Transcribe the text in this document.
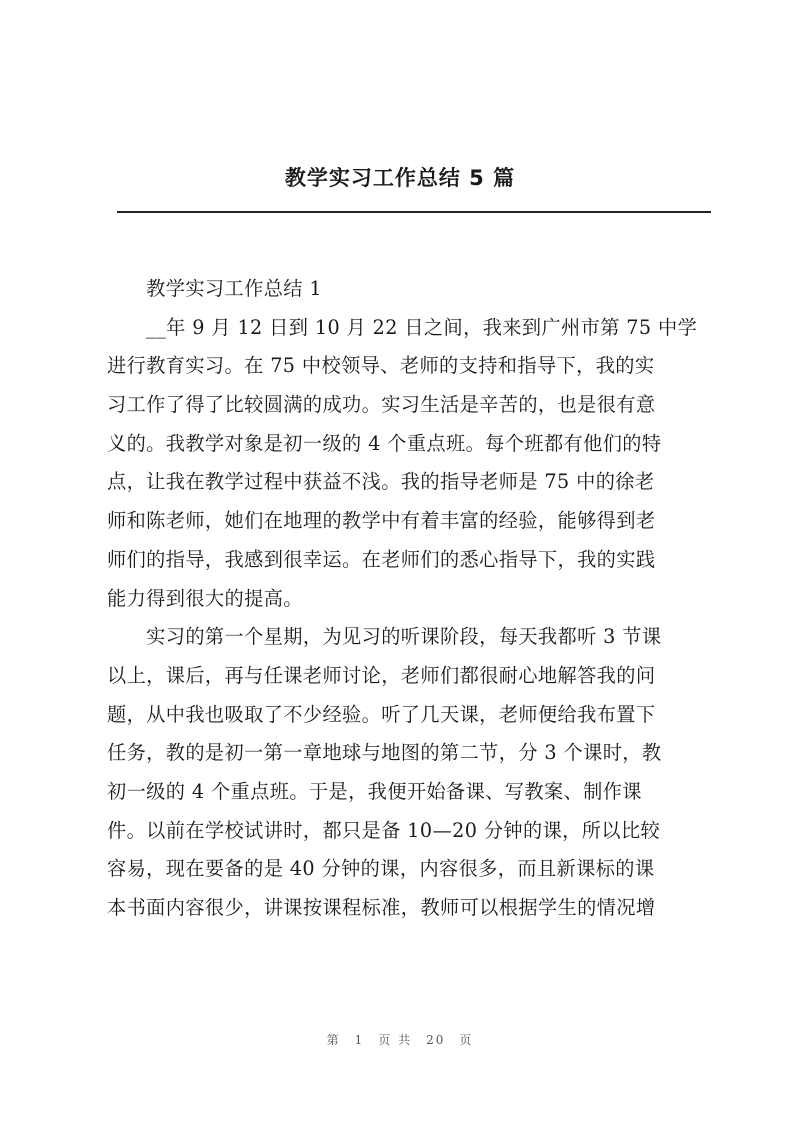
教学实习工作总结 5 篇
　　教学实习工作总结 1
　　__年 9 月 12 日到 10 月 22 日之间，我来到广州市第 75 中学
进行教育实习。在 75 中校领导、老师的支持和指导下，我的实
习工作了得了比较圆满的成功。实习生活是辛苦的，也是很有意
义的。我教学对象是初一级的 4 个重点班。每个班都有他们的特
点，让我在教学过程中获益不浅。我的指导老师是 75 中的徐老
师和陈老师，她们在地理的教学中有着丰富的经验，能够得到老
师们的指导，我感到很幸运。在老师们的悉心指导下，我的实践
能力得到很大的提高。
　　实习的第一个星期，为见习的听课阶段，每天我都听 3 节课
以上，课后，再与任课老师讨论，老师们都很耐心地解答我的问
题，从中我也吸取了不少经验。听了几天课，老师便给我布置下
任务，教的是初一第一章地球与地图的第二节，分 3 个课时，教
初一级的 4 个重点班。于是，我便开始备课、写教案、制作课
件。以前在学校试讲时，都只是备 10—20 分钟的课，所以比较
容易，现在要备的是 40 分钟的课，内容很多，而且新课标的课
本书面内容很少，讲课按课程标准，教师可以根据学生的情况增
第　1　页 共　20　页
